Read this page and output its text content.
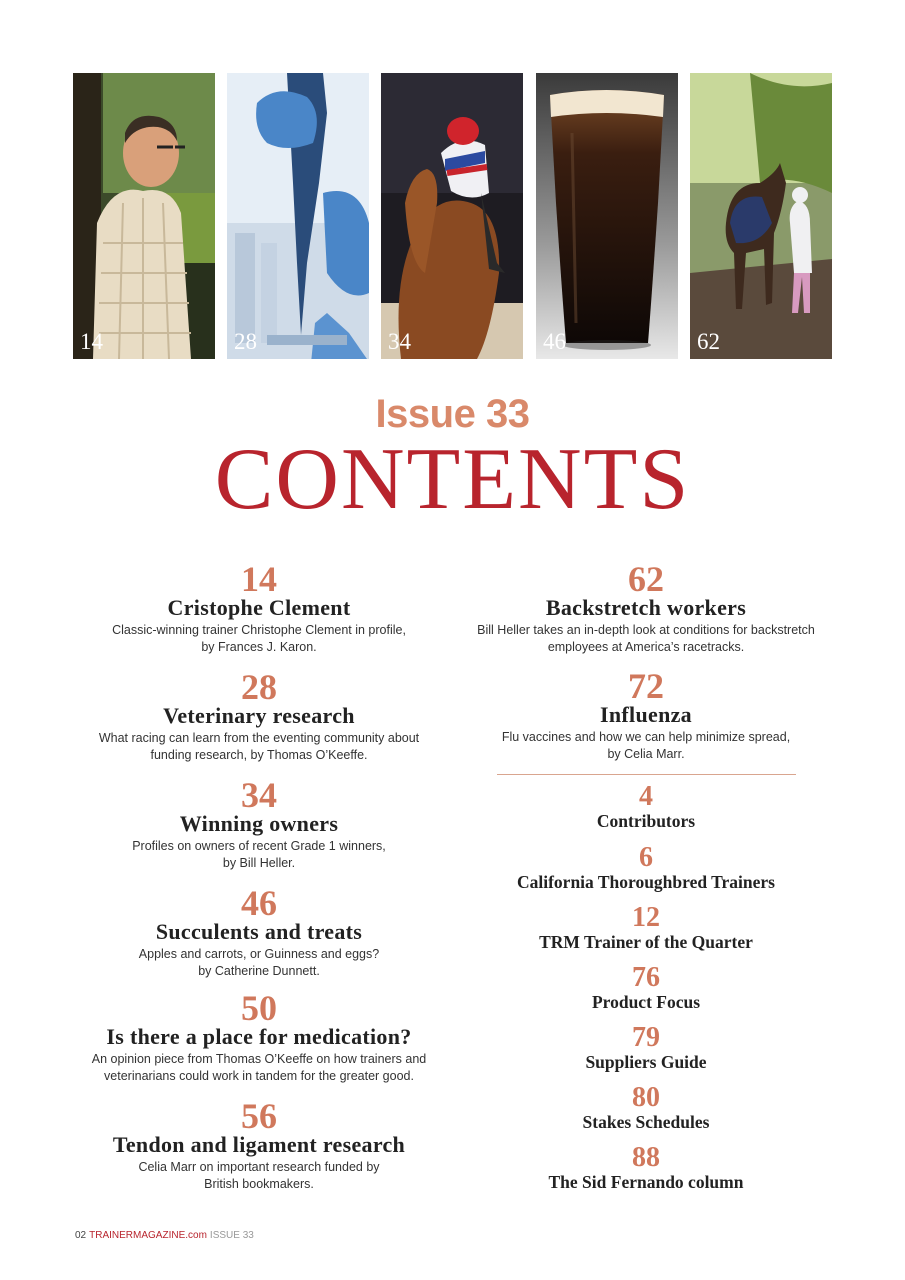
14	28	34	46	62
Issue 33
CONTENTS
14
Cristophe Clement
Classic-winning trainer Christophe Clement in profile,
by Frances J. Karon.
28
Veterinary research
What racing can learn from the eventing community about
funding research, by Thomas O’Keeffe.
34
Winning owners
Profiles on owners of recent Grade 1 winners,
by Bill Heller.
46
Succulents and treats
Apples and carrots, or Guinness and eggs?
by Catherine Dunnett.
50
Is there a place for medication?
An opinion piece from Thomas O’Keeffe on how trainers and
veterinarians could work in tandem for the greater good.
56
Tendon and ligament research
Celia Marr on important research funded by
British bookmakers.
62
Backstretch workers
Bill Heller takes an in-depth look at conditions for backstretch
employees at America’s racetracks.
72
Influenza
Flu vaccines and how we can help minimize spread,
by Celia Marr.
4
Contributors
6
California Thoroughbred Trainers
12
TRM Trainer of the Quarter
76
Product Focus
79
Suppliers Guide
80
Stakes Schedules
88
The Sid Fernando column
02 TRAINERMAGAZINE.com ISSUE 33
